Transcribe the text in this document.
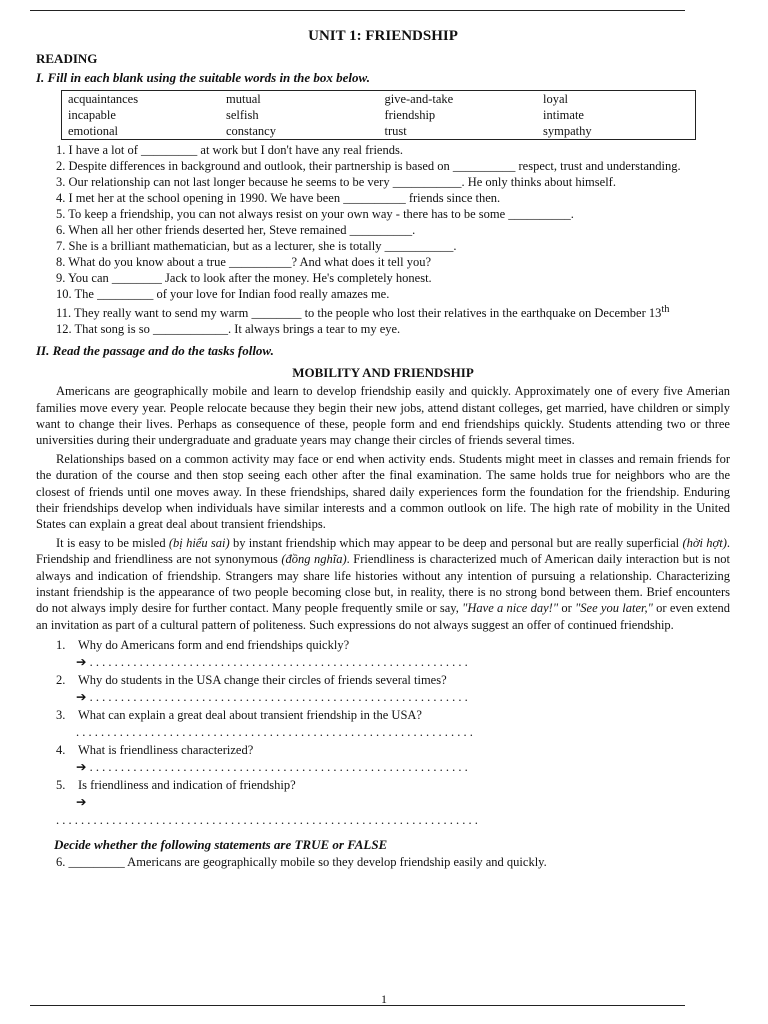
UNIT 1: FRIENDSHIP
READING
I. Fill in each blank using the suitable words in the box below.
acquaintances	mutual	give-and-take	loyal
incapable	selfish	friendship	intimate
emotional	constancy	trust	sympathy
1. I have a lot of _________ at work but I don't have any real friends.
2. Despite differences in background and outlook, their partnership is based on __________ respect, trust and understanding.
3. Our relationship can not last longer because he seems to be very ___________. He only thinks about himself.
4. I met her at the school opening in 1990. We have been __________ friends since then.
5. To keep a friendship, you can not always resist on your own way - there has to be some __________.
6. When all her other friends deserted her, Steve remained __________.
7. She is a brilliant mathematician, but as a lecturer, she is totally ___________.
8. What do you know about a true __________? And what does it tell you?
9. You can ________ Jack to look after the money. He's completely honest.
10. The _________ of your love for Indian food really amazes me.
11. They really want to send my warm ________ to the people who lost their relatives in the earthquake on December 13th
12. That song is so ____________. It always brings a tear to my eye.
II. Read the passage and do the tasks follow.
MOBILITY AND FRIENDSHIP

Americans are geographically mobile and learn to develop friendship easily and quickly. Approximately one of every five Amerian families move every year. People relocate because they begin their new jobs, attend distant colleges, get married, have children or simply want to change their lives. Perhaps as consequence of these, people form and end friendships quickly. Students attending two or three universities during their undergraduate and graduate years may change their circles of friends several times.

Relationships based on a common activity may face or end when activity ends. Students might meet in classes and remain friends for the duration of the course and then stop seeing each other after the final examination. The same holds true for neighbors who are the closest of friends until one moves away. In these friendships, shared daily experiences form the foundation for the friendship. Enduring their friendships develop when individuals have similar interests and a common outlook on life. The high rate of mobility in the United States can explain a great deal about transient friendships.

It is easy to be misled (bị hiểu sai) by instant friendship which may appear to be deep and personal but are really superficial (hời hợt). Friendship and friendliness are not synonymous (đồng nghĩa). Friendliness is characterized much of American daily interaction but is not always and indication of friendship. Strangers may share life histories without any intention of pursuing a relationship. Characterizing instant friendship is the appearance of two people becoming close but, in reality, there is no strong bond between them. Brief encounters do not always imply desire for further contact. Many people frequently smile or say, "Have a nice day!" or "See you later," or even extend an invitation as part of a cultural pattern of politeness. Such expressions do not always suggest an offer of continued friendship.

1. Why do Americans form and end friendships quickly?
➔ . . . . . . . . . . . . . . . . . . . . . . . . . . . . . . . . . . . . . . . . . . . . . . . . . . . . . . . . . . . . .
2. Why do students in the USA change their circles of friends several times?
➔ . . . . . . . . . . . . . . . . . . . . . . . . . . . . . . . . . . . . . . . . . . . . . . . . . . . . . . . . . . . . .
3. What can explain a great deal about transient friendship in the USA?
. . . . . . . . . . . . . . . . . . . . . . . . . . . . . . . . . . . . . . . . . . . . . . . . . . . . . . . . . . . . . . . .
4. What is friendliness characterized?
➔ . . . . . . . . . . . . . . . . . . . . . . . . . . . . . . . . . . . . . . . . . . . . . . . . . . . . . . . . . . . . .
5. Is friendliness and indication of friendship?
➔
. . . . . . . . . . . . . . . . . . . . . . . . . . . . . . . . . . . . . . . . . . . . . . . . . . . . . . . . . . . . . . . . . . . .
Decide whether the following statements are TRUE or FALSE
6. _________ Americans are geographically mobile so they develop friendship easily and quickly.
1
